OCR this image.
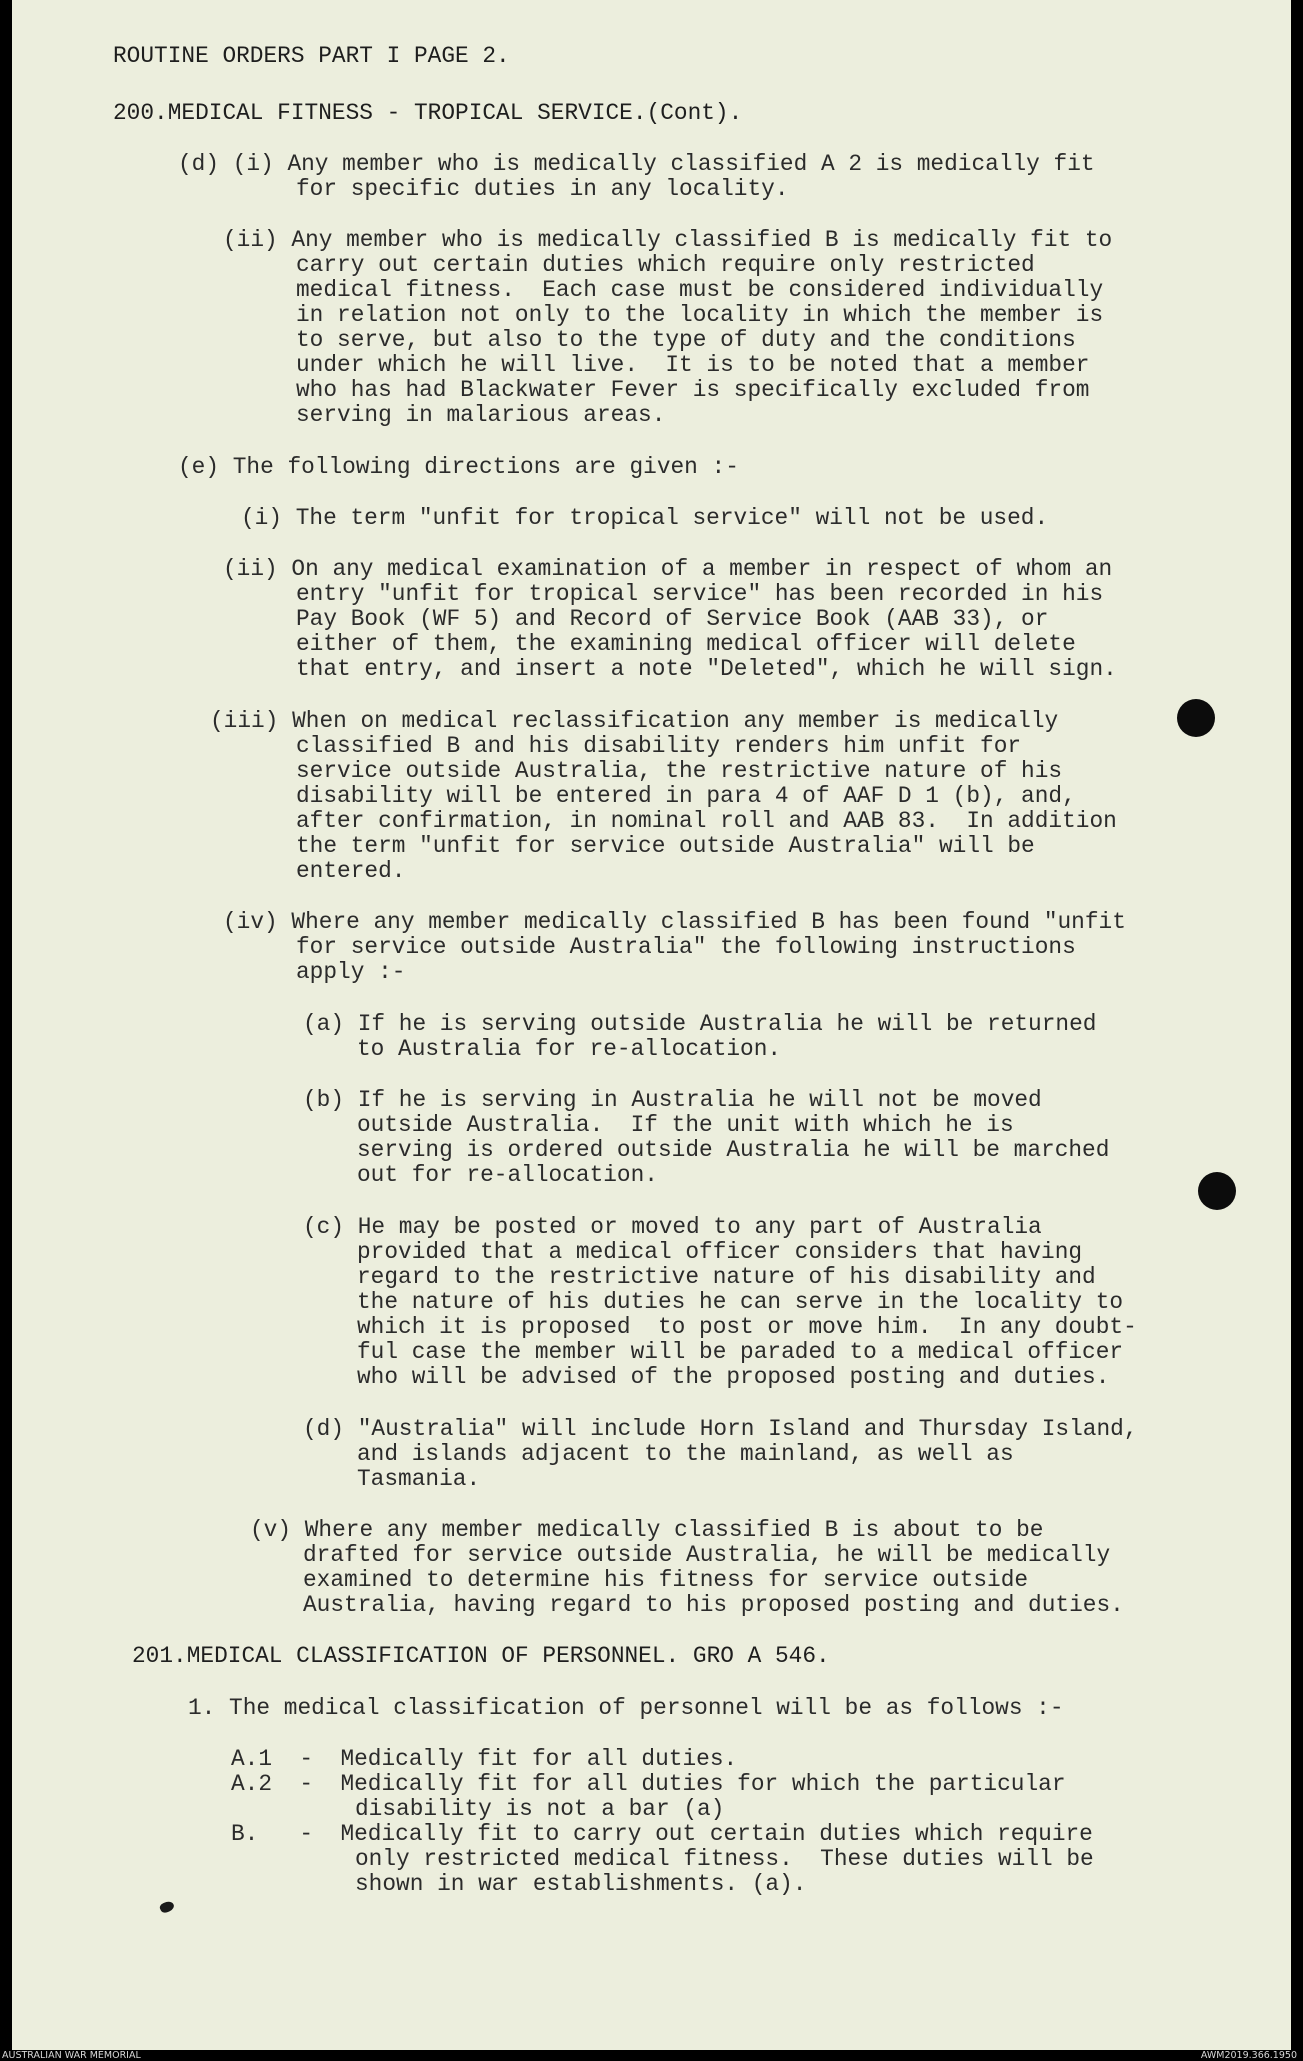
ROUTINE ORDERS PART I PAGE 2.

200.MEDICAL FITNESS - TROPICAL SERVICE.(Cont).

(d) (i) Any member who is medically classified A 2 is medically fit

for specific duties in any locality.

(ii) Any member who is medically classified B is medically fit to

carry out certain duties which require only restricted

medical fitness.  Each case must be considered individually

in relation not only to the locality in which the member is

to serve, but also to the type of duty and the conditions

under which he will live.  It is to be noted that a member

who has had Blackwater Fever is specifically excluded from

serving in malarious areas.

(e) The following directions are given :-

(i) The term "unfit for tropical service" will not be used.

(ii) On any medical examination of a member in respect of whom an

entry "unfit for tropical service" has been recorded in his

Pay Book (WF 5) and Record of Service Book (AAB 33), or

either of them, the examining medical officer will delete

that entry, and insert a note "Deleted", which he will sign.

(iii) When on medical reclassification any member is medically

classified B and his disability renders him unfit for

service outside Australia, the restrictive nature of his

disability will be entered in para 4 of AAF D 1 (b), and,

after confirmation, in nominal roll and AAB 83.  In addition

the term "unfit for service outside Australia" will be

entered.

(iv) Where any member medically classified B has been found "unfit

for service outside Australia" the following instructions

apply :-

(a) If he is serving outside Australia he will be returned

to Australia for re-allocation.

(b) If he is serving in Australia he will not be moved

outside Australia.  If the unit with which he is

serving is ordered outside Australia he will be marched

out for re-allocation.

(c) He may be posted or moved to any part of Australia

provided that a medical officer considers that having

regard to the restrictive nature of his disability and

the nature of his duties he can serve in the locality to

which it is proposed  to post or move him.  In any doubt-

ful case the member will be paraded to a medical officer

who will be advised of the proposed posting and duties.

(d) "Australia" will include Horn Island and Thursday Island,

and islands adjacent to the mainland, as well as

Tasmania.

(v) Where any member medically classified B is about to be

drafted for service outside Australia, he will be medically

examined to determine his fitness for service outside

Australia, having regard to his proposed posting and duties.

201.MEDICAL CLASSIFICATION OF PERSONNEL. GRO A 546.

1. The medical classification of personnel will be as follows :-

A.1  -  Medically fit for all duties.

A.2  -  Medically fit for all duties for which the particular

disability is not a bar (a)

B.   -  Medically fit to carry out certain duties which require

only restricted medical fitness.  These duties will be

shown in war establishments. (a).

AUSTRALIAN WAR MEMORIAL	AWM2019.366.1950
